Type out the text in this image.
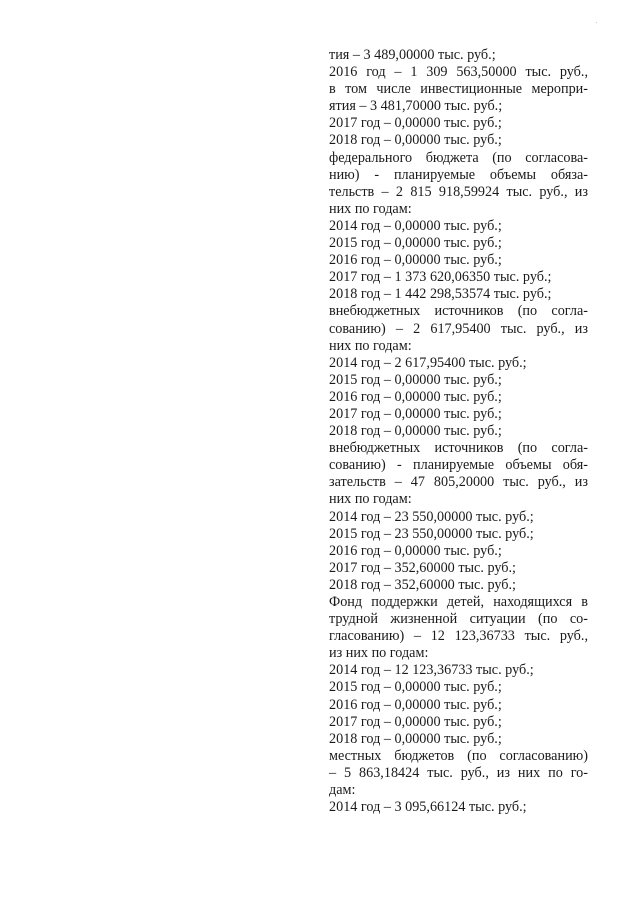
тия – 3 489,00000 тыс. руб.;
2016 год – 1 309 563,50000 тыс. руб.,
в том числе инвестиционные меропри-
ятия – 3 481,70000 тыс. руб.;
2017 год – 0,00000 тыс. руб.;
2018 год – 0,00000 тыс. руб.;
федерального бюджета (по согласова-
нию) - планируемые объемы обяза-
тельств – 2 815 918,59924 тыс. руб., из
них по годам:
2014 год – 0,00000 тыс. руб.;
2015 год – 0,00000 тыс. руб.;
2016 год – 0,00000 тыс. руб.;
2017 год – 1 373 620,06350 тыс. руб.;
2018 год – 1 442 298,53574 тыс. руб.;
внебюджетных источников (по согла-
сованию) – 2 617,95400 тыс. руб., из
них по годам:
2014 год – 2 617,95400 тыс. руб.;
2015 год – 0,00000 тыс. руб.;
2016 год – 0,00000 тыс. руб.;
2017 год – 0,00000 тыс. руб.;
2018 год – 0,00000 тыс. руб.;
внебюджетных источников (по согла-
сованию) - планируемые объемы обя-
зательств – 47 805,20000 тыс. руб., из
них по годам:
2014 год – 23 550,00000 тыс. руб.;
2015 год – 23 550,00000 тыс. руб.;
2016 год – 0,00000 тыс. руб.;
2017 год – 352,60000 тыс. руб.;
2018 год – 352,60000 тыс. руб.;
Фонд поддержки детей, находящихся в
трудной жизненной ситуации (по со-
гласованию) – 12 123,36733 тыс. руб.,
из них по годам:
2014 год – 12 123,36733 тыс. руб.;
2015 год – 0,00000 тыс. руб.;
2016 год – 0,00000 тыс. руб.;
2017 год – 0,00000 тыс. руб.;
2018 год – 0,00000 тыс. руб.;
местных бюджетов (по согласованию)
– 5 863,18424 тыс. руб., из них по го-
дам:
2014 год – 3 095,66124 тыс. руб.;
